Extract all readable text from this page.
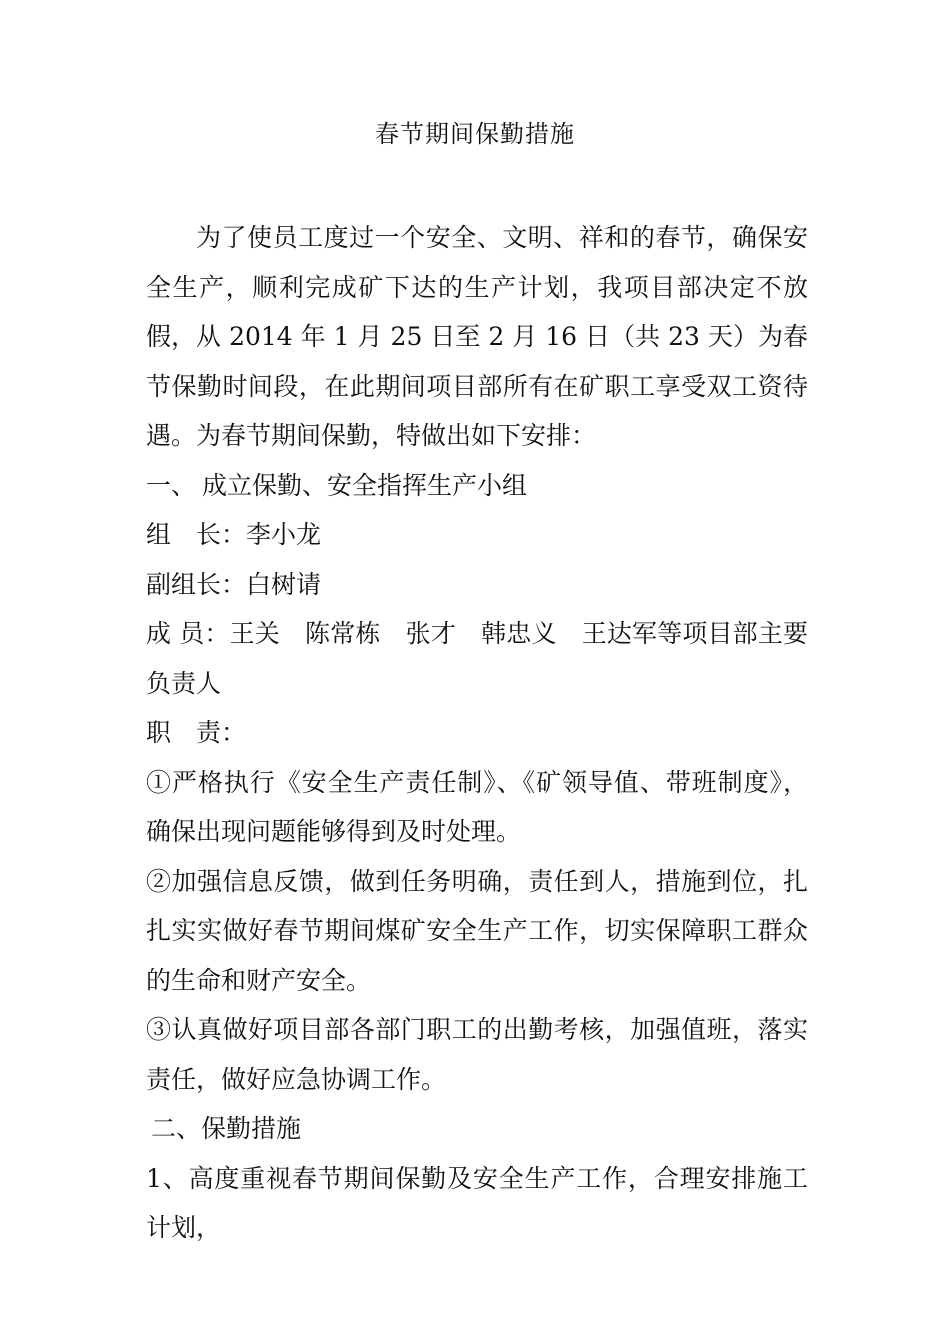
春节期间保勤措施

为了使员工度过一个安全、文明、祥和的春节，确保安全生产，顺利完成矿下达的生产计划，我项目部决定不放假，从 2014 年 1 月 25 日至 2 月 16 日（共 23 天）为春节保勤时间段，在此期间项目部所有在矿职工享受双工资待遇。为春节期间保勤，特做出如下安排：

一、 成立保勤、安全指挥生产小组

组　长：李小龙

副组长：白树请

成 员：王关　陈常栋　张才　韩忠义　王达军等项目部主要负责人

职　责：

①严格执行《安全生产责任制》、《矿领导值、带班制度》，确保出现问题能够得到及时处理。

②加强信息反馈，做到任务明确，责任到人，措施到位，扎扎实实做好春节期间煤矿安全生产工作，切实保障职工群众的生命和财产安全。

③认真做好项目部各部门职工的出勤考核，加强值班，落实责任，做好应急协调工作。

二、保勤措施

1、高度重视春节期间保勤及安全生产工作，合理安排施工计划，
